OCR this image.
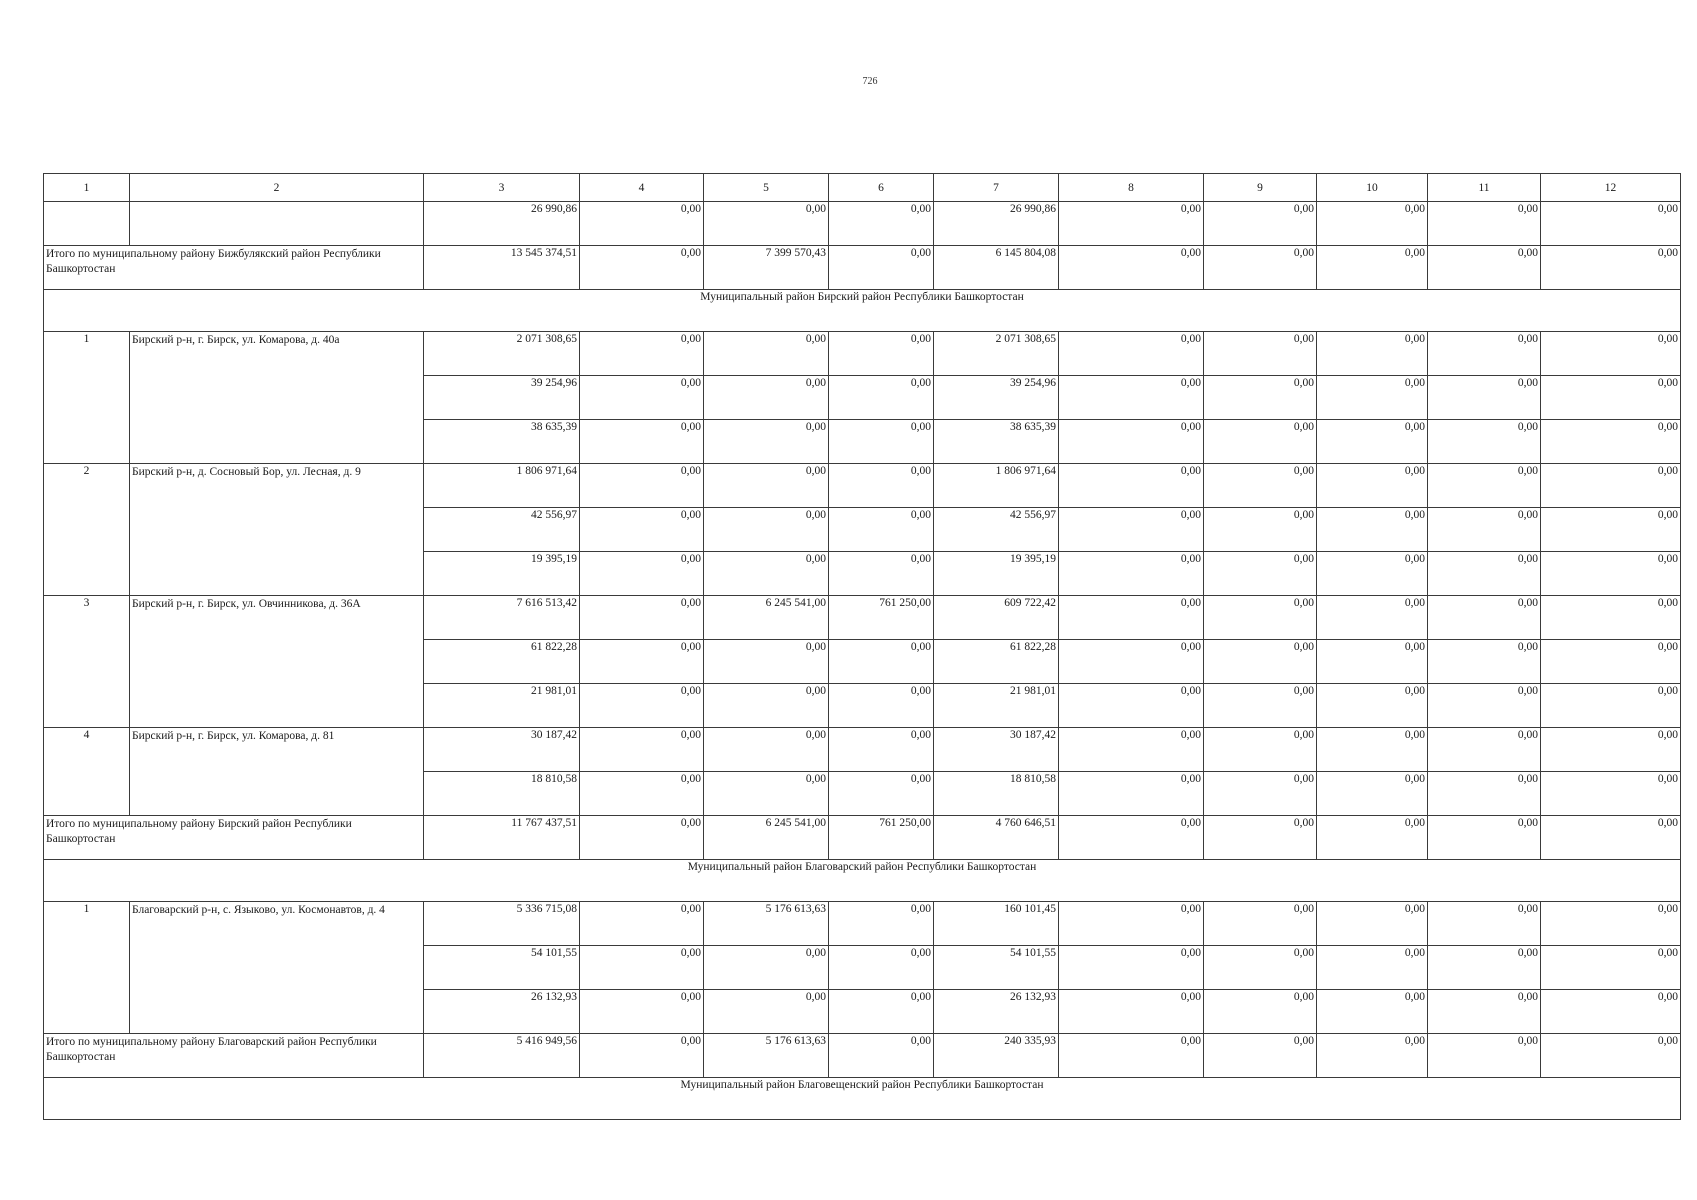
726
1	2	3	4	5	6	7	8	9	10	11	12
		26 990,86	0,00	0,00	0,00	26 990,86	0,00	0,00	0,00	0,00	0,00
Итого по муниципальному району Бижбулякский район Республики Башкортостан		13 545 374,51	0,00	7 399 570,43	0,00	6 145 804,08	0,00	0,00	0,00	0,00	0,00
Муниципальный район Бирский район Республики Башкортостан											
1	Бирский р-н, г. Бирск, ул. Комарова, д. 40а	2 071 308,65	0,00	0,00	0,00	2 071 308,65	0,00	0,00	0,00	0,00	0,00
		39 254,96	0,00	0,00	0,00	39 254,96	0,00	0,00	0,00	0,00	0,00
		38 635,39	0,00	0,00	0,00	38 635,39	0,00	0,00	0,00	0,00	0,00
2	Бирский р-н, д. Сосновый Бор, ул. Лесная, д. 9	1 806 971,64	0,00	0,00	0,00	1 806 971,64	0,00	0,00	0,00	0,00	0,00
		42 556,97	0,00	0,00	0,00	42 556,97	0,00	0,00	0,00	0,00	0,00
		19 395,19	0,00	0,00	0,00	19 395,19	0,00	0,00	0,00	0,00	0,00
3	Бирский р-н, г. Бирск, ул. Овчинникова, д. 36А	7 616 513,42	0,00	6 245 541,00	761 250,00	609 722,42	0,00	0,00	0,00	0,00	0,00
		61 822,28	0,00	0,00	0,00	61 822,28	0,00	0,00	0,00	0,00	0,00
		21 981,01	0,00	0,00	0,00	21 981,01	0,00	0,00	0,00	0,00	0,00
4	Бирский р-н, г. Бирск, ул. Комарова, д. 81	30 187,42	0,00	0,00	0,00	30 187,42	0,00	0,00	0,00	0,00	0,00
		18 810,58	0,00	0,00	0,00	18 810,58	0,00	0,00	0,00	0,00	0,00
Итого по муниципальному району Бирский район Республики Башкортостан		11 767 437,51	0,00	6 245 541,00	761 250,00	4 760 646,51	0,00	0,00	0,00	0,00	0,00
Муниципальный район Благоварский район Республики Башкортостан											
1	Благоварский р-н, с. Языково, ул. Космонавтов, д. 4	5 336 715,08	0,00	5 176 613,63	0,00	160 101,45	0,00	0,00	0,00	0,00	0,00
		54 101,55	0,00	0,00	0,00	54 101,55	0,00	0,00	0,00	0,00	0,00
		26 132,93	0,00	0,00	0,00	26 132,93	0,00	0,00	0,00	0,00	0,00
Итого по муниципальному району Благоварский район Республики Башкортостан		5 416 949,56	0,00	5 176 613,63	0,00	240 335,93	0,00	0,00	0,00	0,00	0,00
Муниципальный район Благовещенский район Республики Башкортостан											
